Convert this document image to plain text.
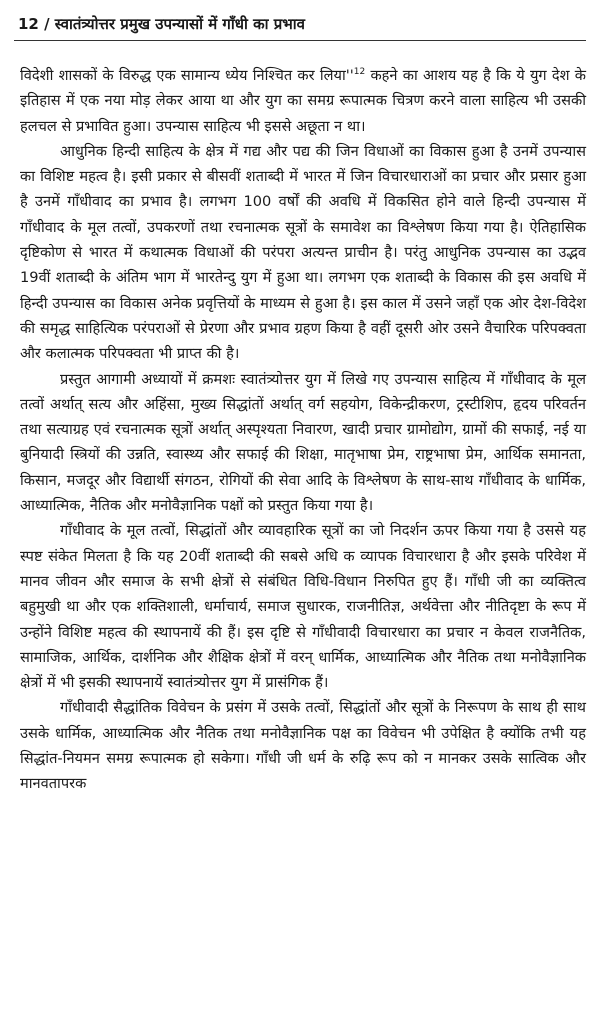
12 / स्वातंत्र्योत्तर प्रमुख उपन्यासों में गाँधी का प्रभाव

विदेशी शासकों के विरुद्ध एक सामान्य ध्येय निश्चित कर लिया''$^{12}$ कहने का आशय यह है कि ये युग देश के इतिहास में एक नया मोड़ लेकर आया था और युग का समग्र रूपात्मक चित्रण करने वाला साहित्य भी उसकी हलचल से प्रभावित हुआ। उपन्यास साहित्य भी इससे अछूता न था।

आधुनिक हिन्दी साहित्य के क्षेत्र में गद्य और पद्य की जिन विधाओं का विकास हुआ है उनमें उपन्यास का विशिष्ट महत्व है। इसी प्रकार से बीसवीं शताब्दी में भारत में जिन विचारधाराओं का प्रचार और प्रसार हुआ है उनमें गाँधीवाद का प्रभाव है। लगभग 100 वर्षों की अवधि में विकसित होने वाले हिन्दी उपन्यास में गाँधीवाद के मूल तत्वों, उपकरणों तथा रचनात्मक सूत्रों के समावेश का विश्लेषण किया गया है। ऐतिहासिक दृष्टिकोण से भारत में कथात्मक विधाओं की परंपरा अत्यन्त प्राचीन है। परंतु आधुनिक उपन्यास का उद्भव 19वीं शताब्दी के अंतिम भाग में भारतेन्दु युग में हुआ था। लगभग एक शताब्दी के विकास की इस अवधि में हिन्दी उपन्यास का विकास अनेक प्रवृत्तियों के माध्यम से हुआ है। इस काल में उसने जहाँ एक ओर देश-विदेश की समृद्ध साहित्यिक परंपराओं से प्रेरणा और प्रभाव ग्रहण किया है वहीं दूसरी ओर उसने वैचारिक परिपक्वता और कलात्मक परिपक्वता भी प्राप्त की है।

प्रस्तुत आगामी अध्यायों में क्रमशः स्वातंत्र्योत्तर युग में लिखे गए उपन्यास साहित्य में गाँधीवाद के मूल तत्वों अर्थात् सत्य और अहिंसा, मुख्य सिद्धांतों अर्थात् वर्ग सहयोग, विकेन्द्रीकरण, ट्रस्टीशिप, हृदय परिवर्तन तथा सत्याग्रह एवं रचनात्मक सूत्रों अर्थात् अस्पृश्यता निवारण, खादी प्रचार ग्रामोद्योग, ग्रामों की सफाई, नई या बुनियादी स्त्रियों की उन्नति, स्वास्थ्य और सफाई की शिक्षा, मातृभाषा प्रेम, राष्ट्रभाषा प्रेम, आर्थिक समानता, किसान, मजदूर और विद्यार्थी संगठन, रोगियों की सेवा आदि के विश्लेषण के साथ-साथ गाँधीवाद के धार्मिक, आध्यात्मिक, नैतिक और मनोवैज्ञानिक पक्षों को प्रस्तुत किया गया है।

गाँधीवाद के मूल तत्वों, सिद्धांतों और व्यावहारिक सूत्रों का जो निदर्शन ऊपर किया गया है उससे यह स्पष्ट संकेत मिलता है कि यह 20वीं शताब्दी की सबसे अधि क व्यापक विचारधारा है और इसके परिवेश में मानव जीवन और समाज के सभी क्षेत्रों से संबंधित विधि-विधान निरुपित हुए हैं। गाँधी जी का व्यक्तित्व बहुमुखी था और एक शक्तिशाली, धर्माचार्य, समाज सुधारक, राजनीतिज्ञ, अर्थवेत्ता और नीतिदृष्टा के रूप में उन्होंने विशिष्ट महत्व की स्थापनायें की हैं। इस दृष्टि से गाँधीवादी विचारधारा का प्रचार न केवल राजनैतिक, सामाजिक, आर्थिक, दार्शनिक और शैक्षिक क्षेत्रों में वरन् धार्मिक, आध्यात्मिक और नैतिक तथा मनोवैज्ञानिक क्षेत्रों में भी इसकी स्थापनायें स्वातंत्र्योत्तर युग में प्रासंगिक हैं।

गाँधीवादी सैद्धांतिक विवेचन के प्रसंग में उसके तत्वों, सिद्धांतों और सूत्रों के निरूपण के साथ ही साथ उसके धार्मिक, आध्यात्मिक और नैतिक तथा मनोवैज्ञानिक पक्ष का विवेचन भी उपेक्षित है क्योंकि तभी यह सिद्धांत-नियमन समग्र रूपात्मक हो सकेगा। गाँधी जी धर्म के रुढ़ि रूप को न मानकर उसके सात्विक और मानवतापरक
